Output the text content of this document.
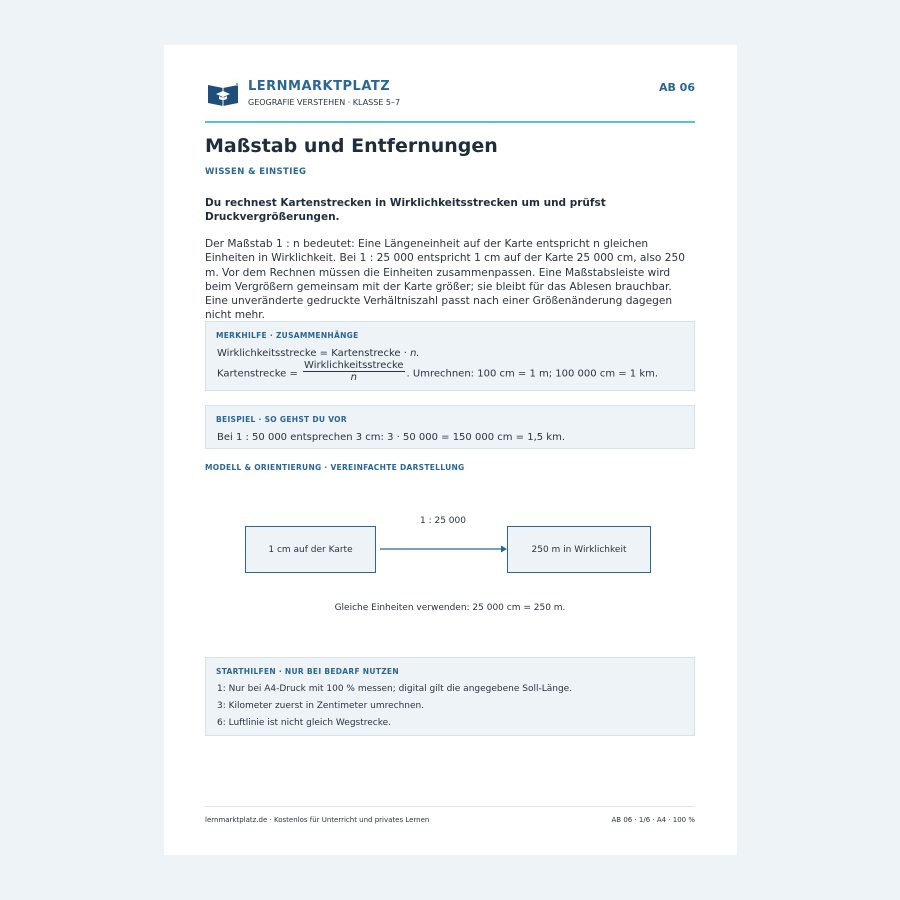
LERNMARKTPLATZ
GEOGRAFIE VERSTEHEN · KLASSE 5–7
AB 06
Maßstab und Entfernungen
WISSEN & EINSTIEG
Du rechnest Kartenstrecken in Wirklichkeitsstrecken um und prüfst Druckvergrößerungen.
Der Maßstab 1 : n bedeutet: Eine Längeneinheit auf der Karte entspricht n gleichen Einheiten in Wirklichkeit. Bei 1 : 25 000 entspricht 1 cm auf der Karte 25 000 cm, also 250 m. Vor dem Rechnen müssen die Einheiten zusammenpassen. Eine Maßstabsleiste wird beim Vergrößern gemeinsam mit der Karte größer; sie bleibt für das Ablesen brauchbar. Eine unveränderte gedruckte Verhältniszahl passt nach einer Größenänderung dagegen nicht mehr.
MERKHILFE · ZUSAMMENHÄNGE
Wirklichkeitsstrecke = Kartenstrecke · n.
Kartenstrecke = $\frac{\text{Wirklichkeitsstrecke}}{n}$ . Umrechnen: 100 cm = 1 m; 100 000 cm = 1 km.
BEISPIEL · SO GEHST DU VOR
Bei 1 : 50 000 entsprechen 3 cm: 3 · 50 000 = 150 000 cm = 1,5 km.
MODELL & ORIENTIERUNG · VEREINFACHTE DARSTELLUNG
1 : 25 000
1 cm auf der Karte	250 m in Wirklichkeit
Gleiche Einheiten verwenden: 25 000 cm = 250 m.
STARTHILFEN · NUR BEI BEDARF NUTZEN
1: Nur bei A4-Druck mit 100 % messen; digital gilt die angegebene Soll-Länge.
3: Kilometer zuerst in Zentimeter umrechnen.
6: Luftlinie ist nicht gleich Wegstrecke.
lernmarktplatz.de · Kostenlos für Unterricht und privates Lernen	AB 06 · 1/6 · A4 · 100 %
